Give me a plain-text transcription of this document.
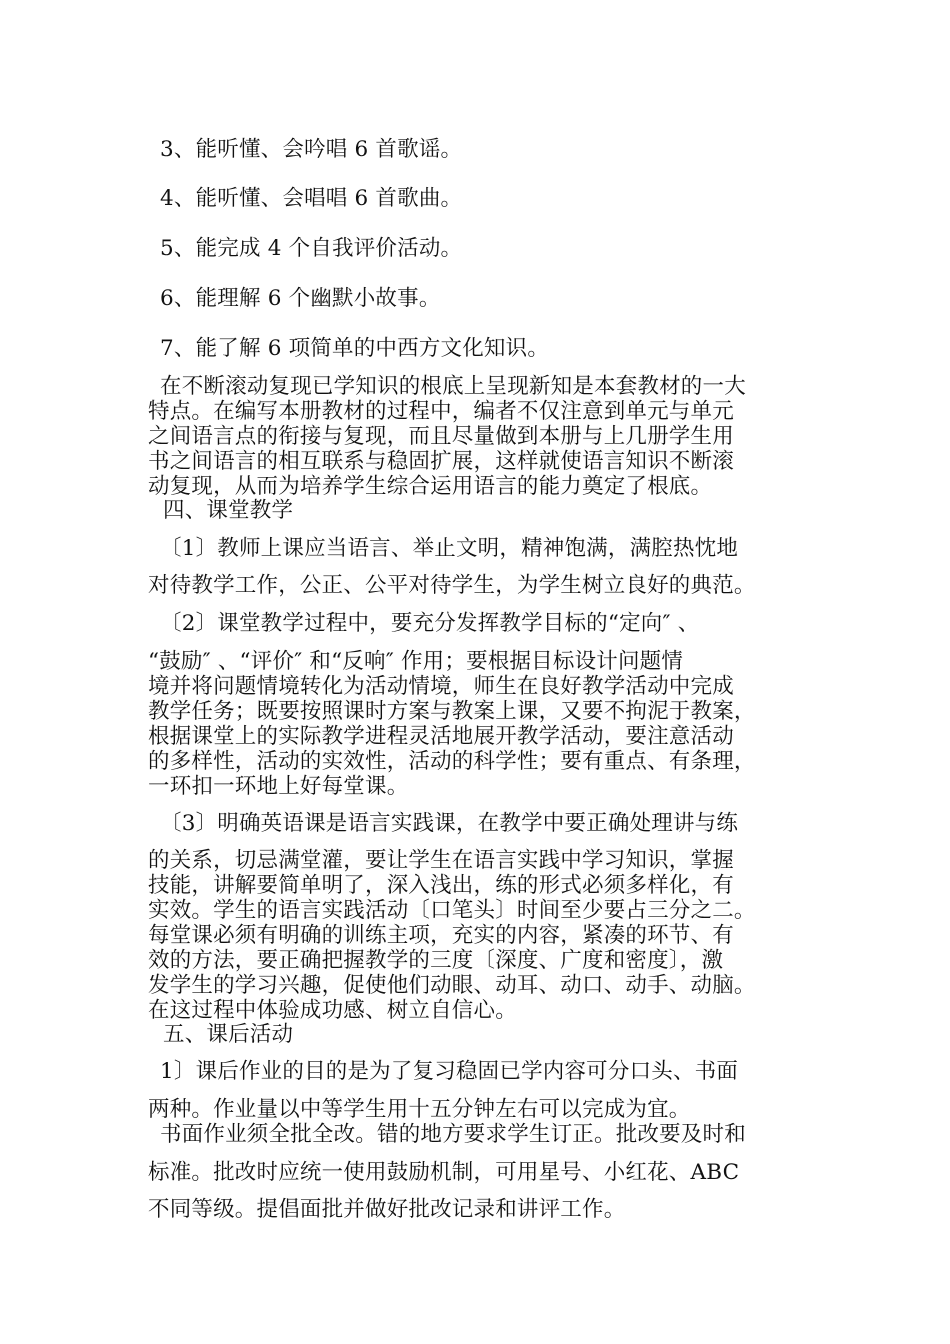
3、能听懂、会吟唱 6 首歌谣。

4、能听懂、会唱唱 6 首歌曲。

5、能完成 4 个自我评价活动。

6、能理解 6 个幽默小故事。

7、能了解 6 项简单的中西方文化知识。

在不断滚动复现已学知识的根底上呈现新知是本套教材的一大

特点。在编写本册教材的过程中，编者不仅注意到单元与单元

之间语言点的衔接与复现，而且尽量做到本册与上几册学生用

书之间语言的相互联系与稳固扩展，这样就使语言知识不断滚

动复现，从而为培养学生综合运用语言的能力奠定了根底。

四、课堂教学

〔1〕教师上课应当语言、举止文明，精神饱满，满腔热忱地

对待教学工作，公正、公平对待学生，为学生树立良好的典范。

〔2〕课堂教学过程中，要充分发挥教学目标的“定向″ 、

“鼓励″ 、“评价″ 和“反响″ 作用；要根据目标设计问题情

境并将问题情境转化为活动情境，师生在良好教学活动中完成

教学任务；既要按照课时方案与教案上课，又要不拘泥于教案，

根据课堂上的实际教学进程灵活地展开教学活动，要注意活动

的多样性，活动的实效性，活动的科学性；要有重点、有条理，

一环扣一环地上好每堂课。

〔3〕明确英语课是语言实践课，在教学中要正确处理讲与练

的关系，切忌满堂灌，要让学生在语言实践中学习知识，掌握

技能，讲解要简单明了，深入浅出，练的形式必须多样化，有

实效。学生的语言实践活动〔口笔头〕时间至少要占三分之二。

每堂课必须有明确的训练主项，充实的内容，紧凑的环节、有

效的方法，要正确把握教学的三度〔深度、广度和密度〕，激

发学生的学习兴趣，促使他们动眼、动耳、动口、动手、动脑。

在这过程中体验成功感、树立自信心。

五、课后活动

1〕课后作业的目的是为了复习稳固已学内容可分口头、书面

两种。作业量以中等学生用十五分钟左右可以完成为宜。

书面作业须全批全改。错的地方要求学生订正。批改要及时和

标准。批改时应统一使用鼓励机制，可用星号、小红花、ABC

不同等级。提倡面批并做好批改记录和讲评工作。
